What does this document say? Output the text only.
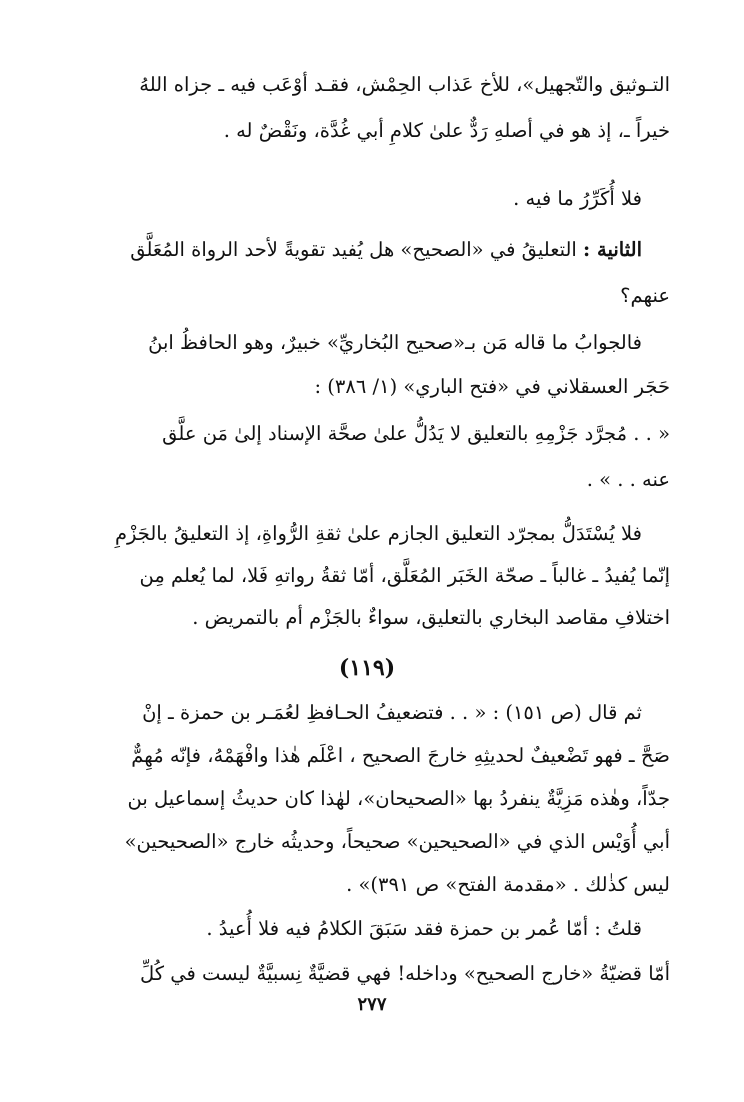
التـوثيق والتّجهيل»، للأخ عَذاب الحِمْش، فقـد أوْعَب فيه ـ جزاه اللهُ
خيراً ـ، إذ هو في أصلهِ رَدٌّ علىٰ كلامِ أبي غُدَّة، ونَقْضٌ له .
فلا أُكَرِّرُ ما فيه .
الثانية : التعليقُ في «الصحيح» هل يُفيد تقويةً لأحد الرواة المُعَلَّق
عنهم؟
فالجوابُ ما قاله مَن بـ«صحيح البُخاريِّ» خبيرٌ، وهو الحافظُ ابنُ
حَجَر العسقلاني في «فتح الباري» (١/ ٣٨٦) :
« . . مُجرَّد جَزْمِهِ بالتعليق لا يَدُلُّ علىٰ صحَّة الإسناد إلىٰ مَن علَّق
عنه . . » .
فلا يُسْتَدَلُّ بمجرّد التعليق الجازم علىٰ ثقةِ الرُّواةِ، إذ التعليقُ بالجَزْمِ
إنّما يُفيدُ ـ غالباً ـ صحّة الخَبَر المُعَلَّق، أمّا ثقةُ رواتهِ فَلا، لما يُعلم مِن
اختلافِ مقاصد البخاري بالتعليق، سواءٌ بالجَزْم أم بالتمريض .
(١١٩)
ثم قال (ص ١٥١) : « . . فتضعيفُ الحـافظِ لعُمَـر بن حمزة ـ إنْ
صَحَّ ـ فهو تَضْعيفٌ لحديثِهِ خارجَ الصحيح ، اعْلَم هٰذا وافْهَمْهُ، فإنّه مُهِمٌّ
جدّاً، وهٰذه مَزِيَّةٌ ينفردُ بها «الصحيحان»، لهٰذا كان حديثُ إسماعيل بن
أبي أُوَيْس الذي في «الصحيحين» صحيحاً، وحديثُه خارج «الصحيحين»
ليس كذٰلك . «مقدمة الفتح» ص ٣٩١)» .
قلتُ : أمّا عُمر بن حمزة فقد سَبَقَ الكلامُ فيه فلا أُعيدُ .
أمّا قضيّةُ «خارج الصحيح» وداخله! فهي قضيَّةٌ نِسبيَّةٌ ليست في كُلِّ
٢٧٧
